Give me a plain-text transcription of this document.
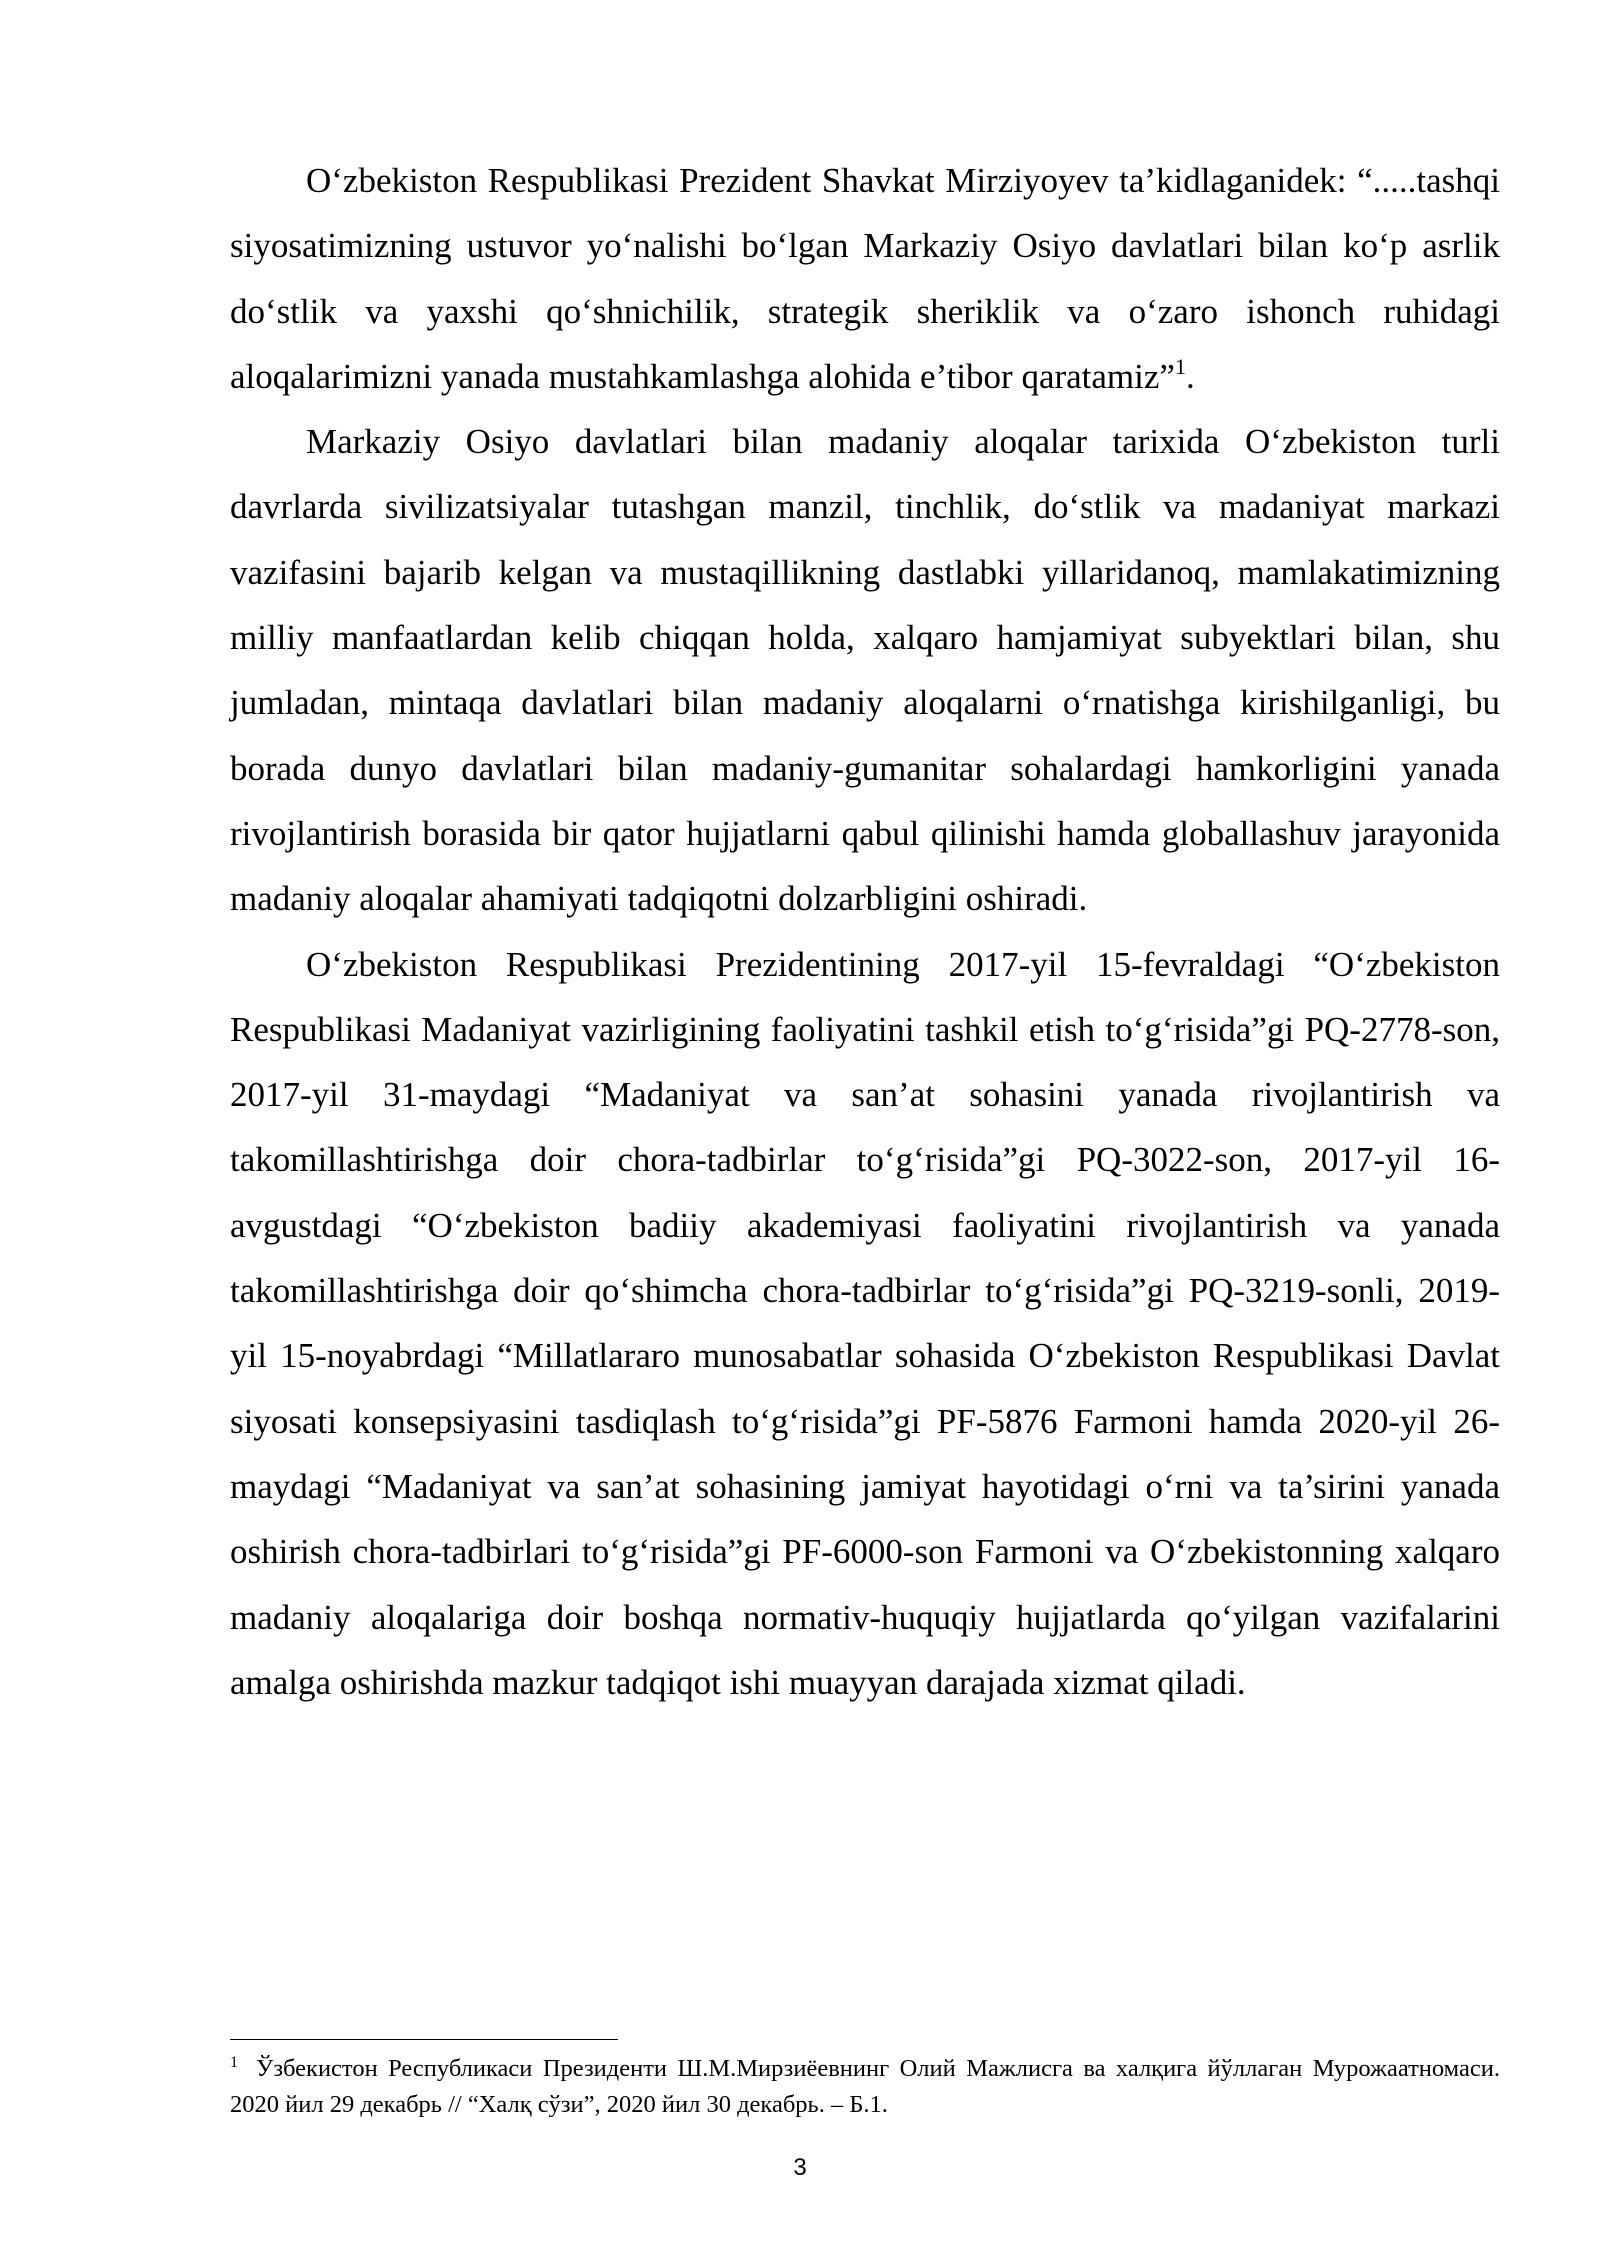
O‘zbekiston Respublikasi Prezident Shavkat Mirziyoyev ta’kidlaganidek: “.....tashqi siyosatimizning ustuvor yo‘nalishi bo‘lgan Markaziy Osiyo davlatlari bilan ko‘p asrlik do‘stlik va yaxshi qo‘shnichilik, strategik sheriklik va o‘zaro ishonch ruhidagi aloqalarimizni yanada mustahkamlashga alohida e’tibor qaratamiz”$^1$.

Markaziy Osiyo davlatlari bilan madaniy aloqalar tarixida O‘zbekiston turli davrlarda sivilizatsiyalar tutashgan manzil, tinchlik, do‘stlik va madaniyat markazi vazifasini bajarib kelgan va mustaqillikning dastlabki yillaridanoq, mamlakatimizning milliy manfaatlardan kelib chiqqan holda, xalqaro hamjamiyat subyektlari bilan, shu jumladan, mintaqa davlatlari bilan madaniy aloqalarni o‘rnatishga kirishilganligi, bu borada dunyo davlatlari bilan madaniy-gumanitar sohalardagi hamkorligini yanada rivojlantirish borasida bir qator hujjatlarni qabul qilinishi hamda globallashuv jarayonida madaniy aloqalar ahamiyati tadqiqotni dolzarbligini oshiradi.

O‘zbekiston Respublikasi Prezidentining 2017-yil 15-fevraldagi “O‘zbekiston Respublikasi Madaniyat vazirligining faoliyatini tashkil etish to‘g‘risida”gi PQ-2778-son, 2017-yil 31-maydagi “Madaniyat va san’at sohasini yanada rivojlantirish va takomillashtirishga doir chora-tadbirlar to‘g‘risida”gi PQ-3022-son, 2017-yil 16-avgustdagi “O‘zbekiston badiiy akademiyasi faoliyatini rivojlantirish va yanada takomillashtirishga doir qo‘shimcha chora-tadbirlar to‘g‘risida”gi PQ-3219-sonli, 2019-yil 15-noyabrdagi “Millatlararo munosabatlar sohasida O‘zbekiston Respublikasi Davlat siyosati konsepsiyasini tasdiqlash to‘g‘risida”gi PF-5876 Farmoni hamda 2020-yil 26-maydagi “Madaniyat va san’at sohasining jamiyat hayotidagi o‘rni va ta’sirini yanada oshirish chora-tadbirlari to‘g‘risida”gi PF-6000-son Farmoni va O‘zbekistonning xalqaro madaniy aloqalariga doir boshqa normativ-huquqiy hujjatlarda qo‘yilgan vazifalarini amalga oshirishda mazkur tadqiqot ishi muayyan darajada xizmat qiladi.

$^1$ Ўзбекистон Республикаси Президенти Ш.М.Мирзиёевнинг Олий Мажлисга ва халқига йўллаган Мурожаатномаси. 2020 йил 29 декабрь // “Халқ сўзи”, 2020 йил 30 декабрь. – Б.1.
3
